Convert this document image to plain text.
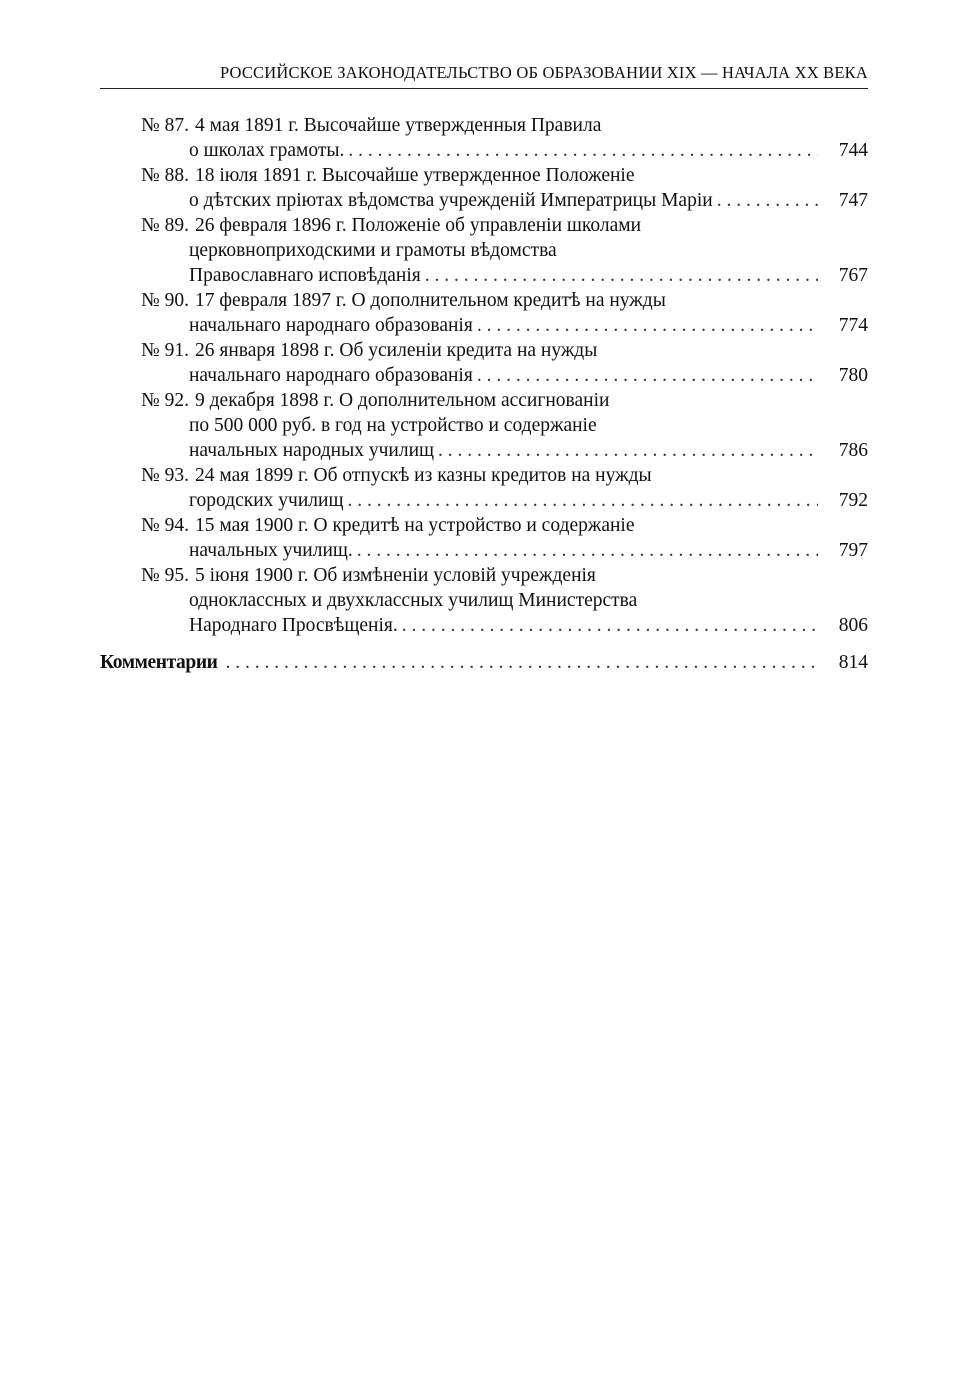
РОССИЙСКОЕ ЗАКОНОДАТЕЛЬСТВО ОБ ОБРАЗОВАНИИ XIX — НАЧАЛА XX ВЕКА
№ 87. 4 мая 1891 г. Высочайше утвержденныя Правила
о школах грамоты. . . .	744
№ 88. 18 іюля 1891 г. Высочайше утвержденное Положеніе
о дѣтских пріютах вѣдомства учрежденій Императрицы Маріи . . .	747
№ 89. 26 февраля 1896 г. Положеніе об управленіи школами
церковноприходскими и грамоты вѣдомства
Православнаго исповѣданія . . .	767
№ 90. 17 февраля 1897 г. О дополнительном кредитѣ на нужды
начальнаго народнаго образованія . . .	774
№ 91. 26 января 1898 г. Об усиленіи кредита на нужды
начальнаго народнаго образованія . . .	780
№ 92. 9 декабря 1898 г. О дополнительном ассигнованіи
по 500 000 руб. в год на устройство и содержаніе
начальных народных училищ . . .	786
№ 93. 24 мая 1899 г. Об отпускѣ из казны кредитов на нужды
городских училищ . . .	792
№ 94. 15 мая 1900 г. О кредитѣ на устройство и содержаніе
начальных училищ. . . .	797
№ 95. 5 іюня 1900 г. Об измѣненіи условій учрежденія
одноклассных и двухклассных училищ Министерства
Народнаго Просвѣщенія. . . .	806
Комментарии . . .	814
